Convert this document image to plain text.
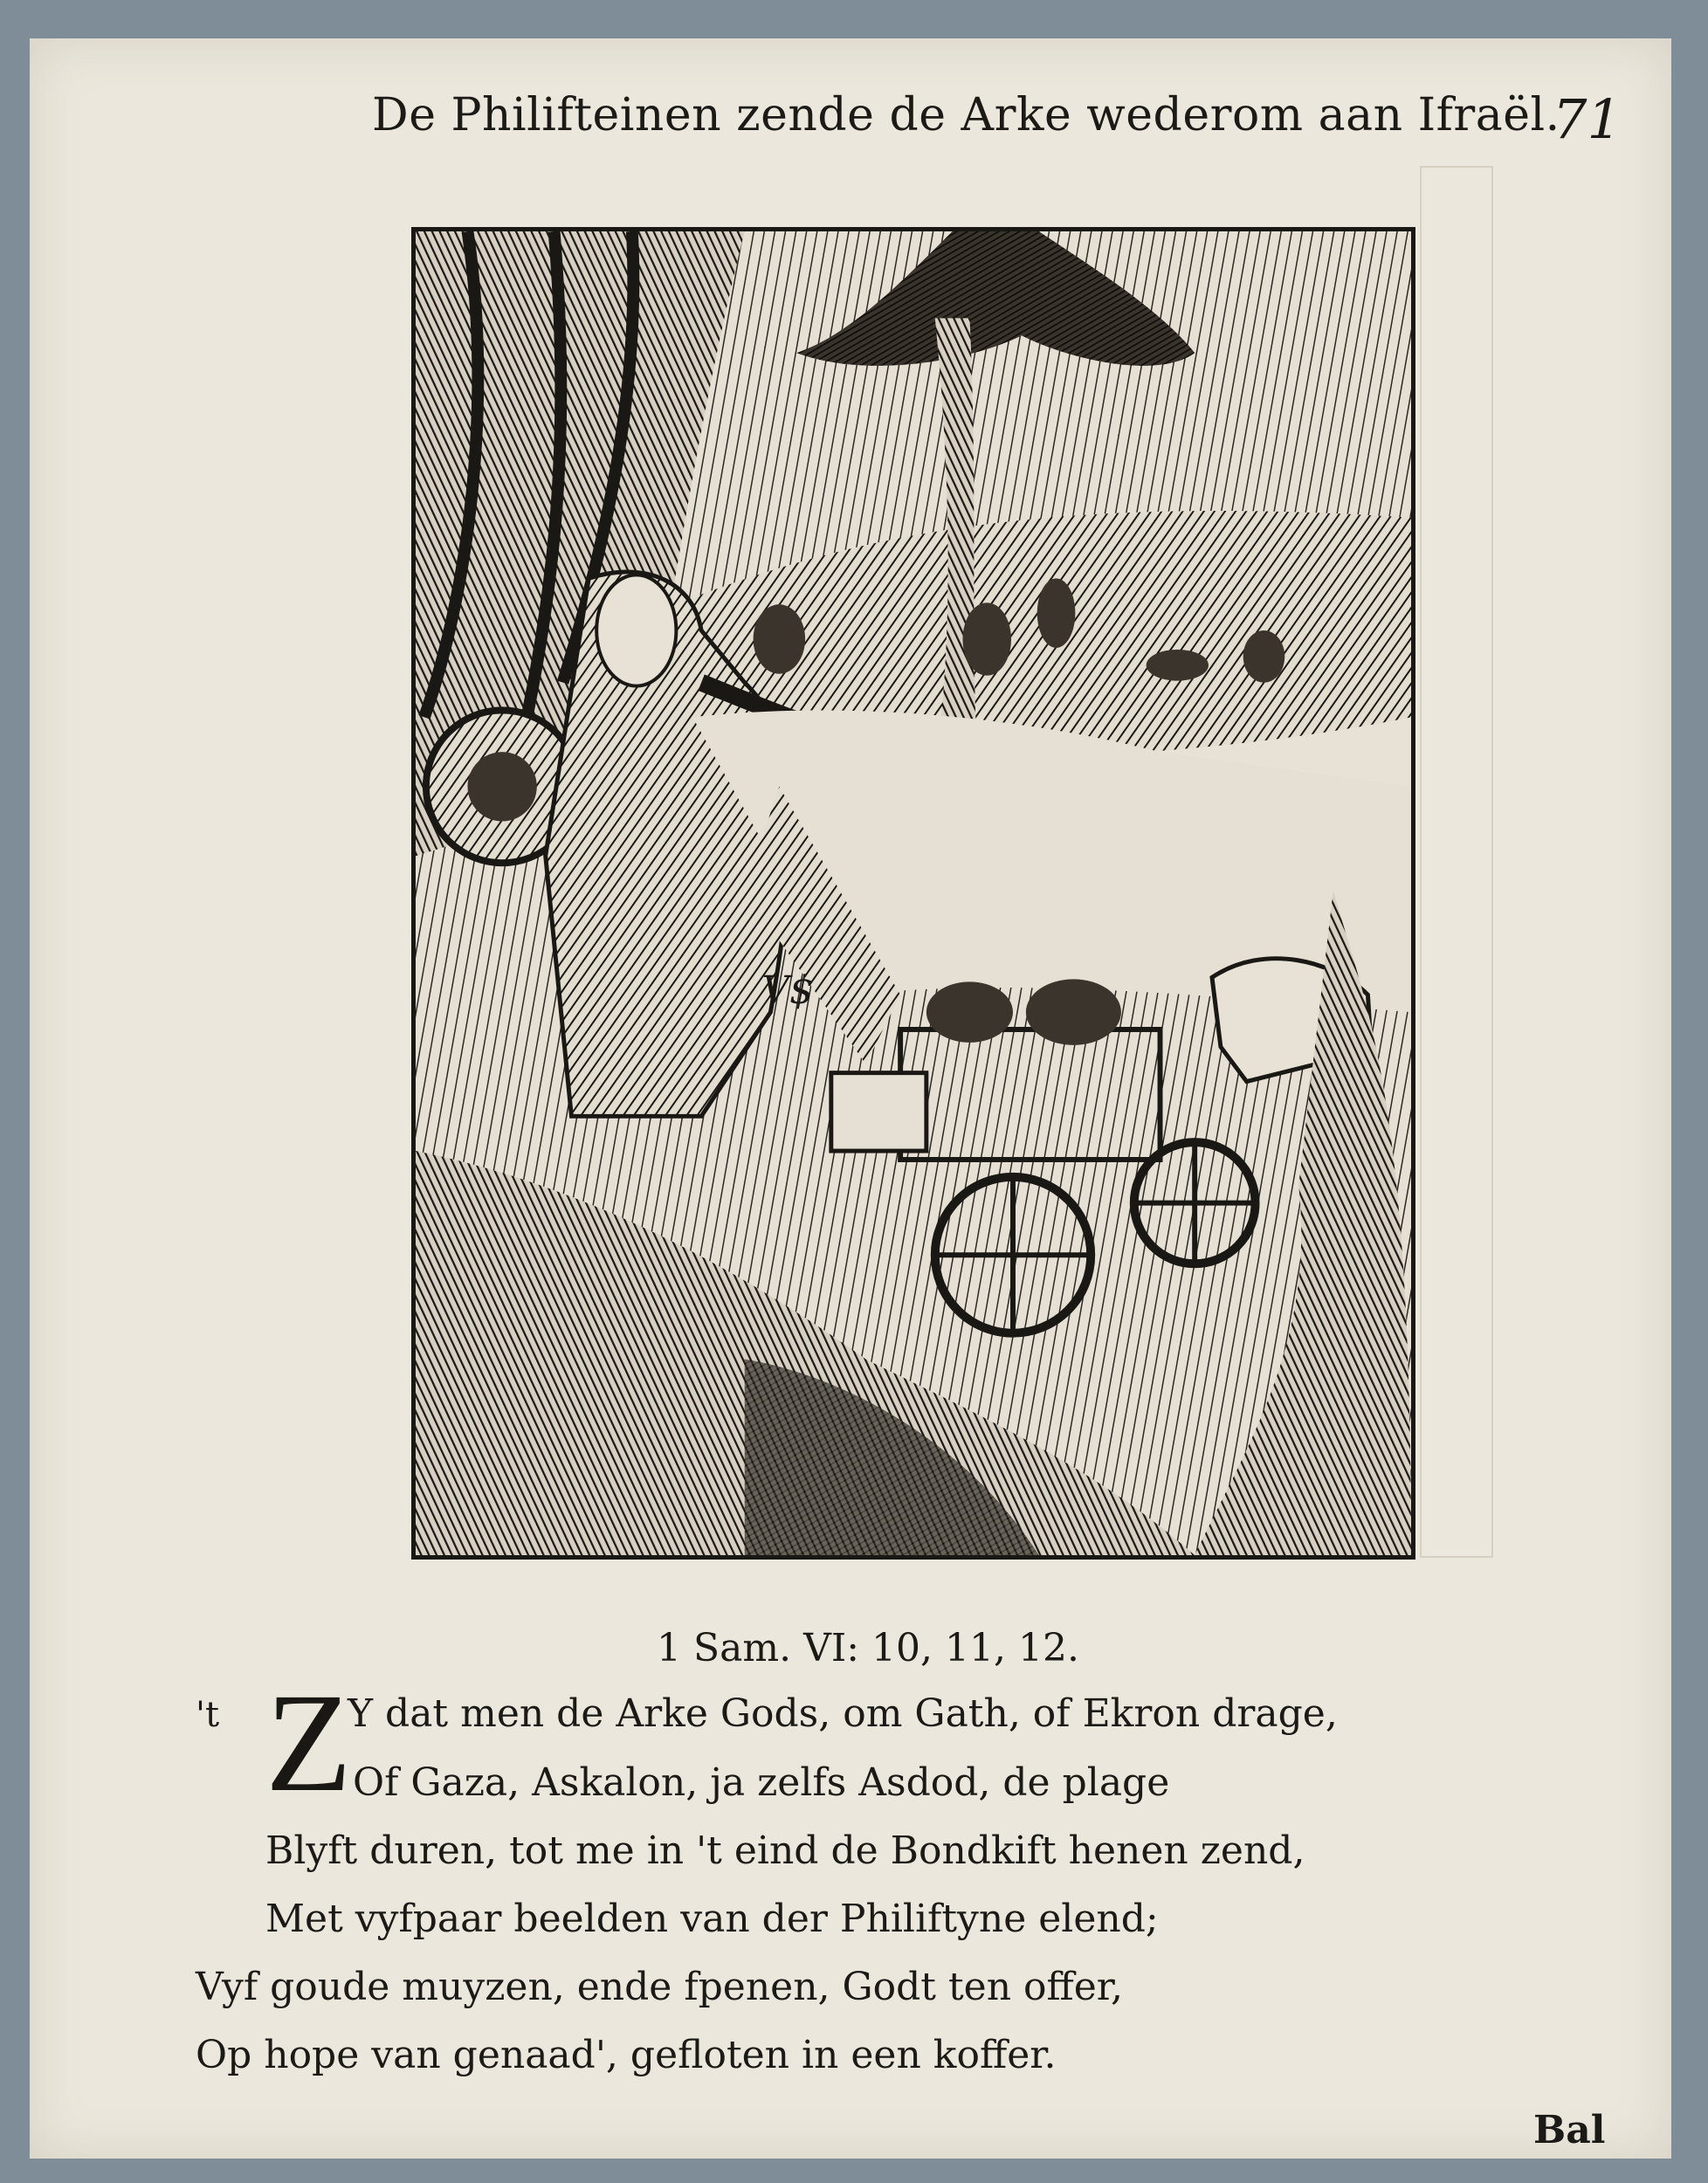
De Philifteinen zende de Arke wederom aan Ifraël.
71
V$
1 Sam. VI: 10, 11, 12.
Z
't	Y dat men de Arke Gods, om Gath, of Ekron drage,
Of Gaza, Askalon, ja zelfs Asdod, de plage
Blyft duren, tot me in 't eind de Bondkift henen zend,
Met vyfpaar beelden van der Philiftyne elend;
Vyf goude muyzen, ende fpenen, Godt ten offer,
Op hope van genaad', gefloten in een koffer.
Bal
